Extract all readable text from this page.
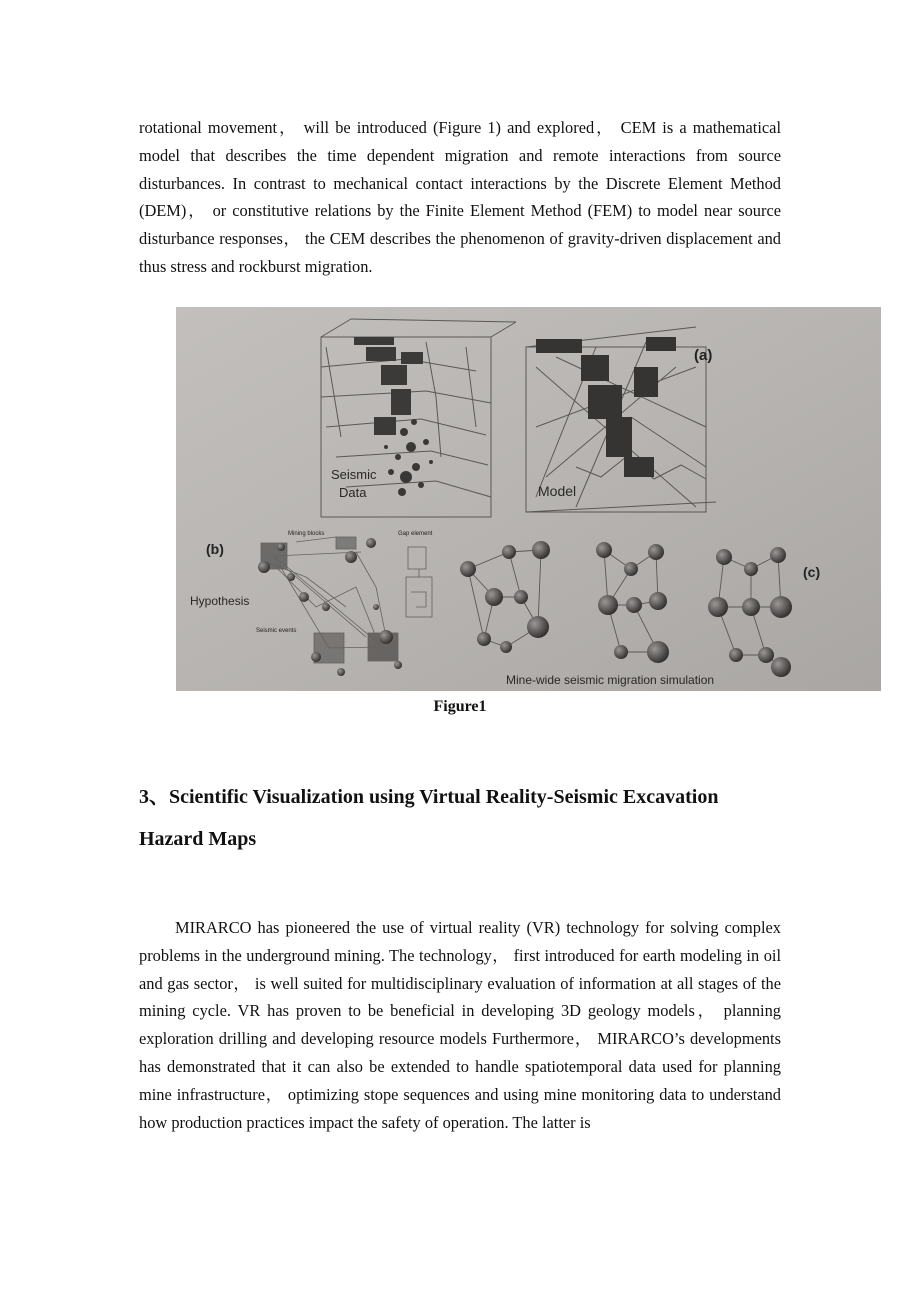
rotational movement， will be introduced (Figure 1) and explored， CEM is a mathematical model that describes the time dependent migration and remote interactions from source disturbances. In contrast to mechanical contact interactions by the Discrete Element Method (DEM)， or constitutive relations by the Finite Element Method (FEM) to model near source disturbance responses， the CEM describes the phenomenon of gravity-driven displacement and thus stress and rockburst migration.

(a)
Seismic
Data	Model
(b)
Mining blocks	Gap element
Hypothesis
Seismic events
(c)
Mine-wide seismic migration simulation
Figure1
3、Scientific Visualization using Virtual Reality-Seismic Excavation
Hazard Maps

MIRARCO has pioneered the use of virtual reality (VR) technology for solving complex problems in the underground mining. The technology， first introduced for earth modeling in oil and gas sector， is well suited for multidisciplinary evaluation of information at all stages of the mining cycle. VR has proven to be beneficial in developing 3D geology models， planning exploration drilling and developing resource models Furthermore， MIRARCO’s developments has demonstrated that it can also be extended to handle spatiotemporal data used for planning mine infrastructure， optimizing stope sequences and using mine monitoring data to understand how production practices impact the safety of operation. The latter is
